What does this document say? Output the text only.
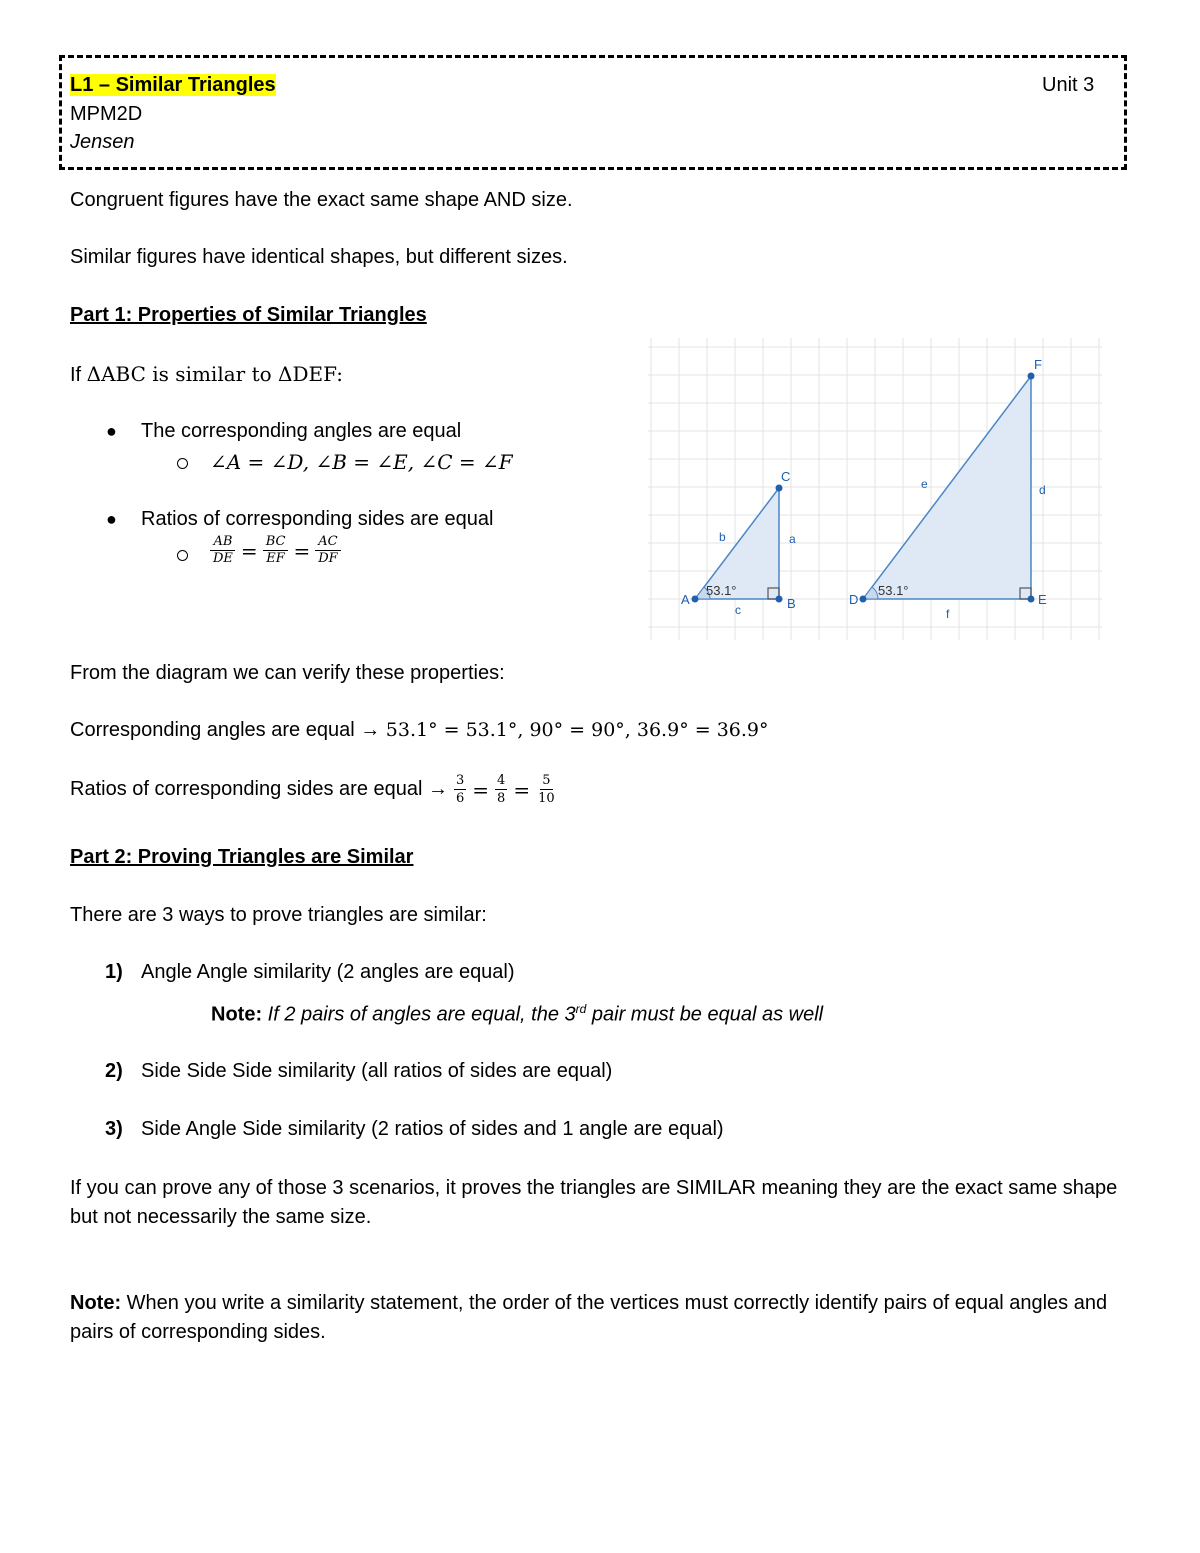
L1 – Similar Triangles
MPM2D
Jensen
Unit 3
Congruent figures have the exact same shape AND size.
Similar figures have identical shapes, but different sizes.
Part 1: Properties of Similar Triangles
If ΔABC is similar to ΔDEF:
● The corresponding angles are equal
∠A = ∠D, ∠B = ∠E, ∠C = ∠F
● Ratios of corresponding sides are equal
$\frac{AB}{DE} = \frac{BC}{EF} = \frac{AC}{DF}$
A	B
C
a
b
c
D	E
F
d
e
f
53.1°	53.1°
From the diagram we can verify these properties:
Corresponding angles are equal → 53.1° = 53.1°, 90° = 90°, 36.9° = 36.9°
Ratios of corresponding sides are equal → $\frac{3}{6} = \frac{4}{8} = \frac{5}{10}$
Part 2: Proving Triangles are Similar
There are 3 ways to prove triangles are similar:
1) Angle Angle similarity (2 angles are equal)
Note: If 2 pairs of angles are equal, the 3rd pair must be equal as well
2) Side Side Side similarity (all ratios of sides are equal)
3) Side Angle Side similarity (2 ratios of sides and 1 angle are equal)
If you can prove any of those 3 scenarios, it proves the triangles are SIMILAR meaning they are the exact same shape but not necessarily the same size.
Note: When you write a similarity statement, the order of the vertices must correctly identify pairs of equal angles and pairs of corresponding sides.
